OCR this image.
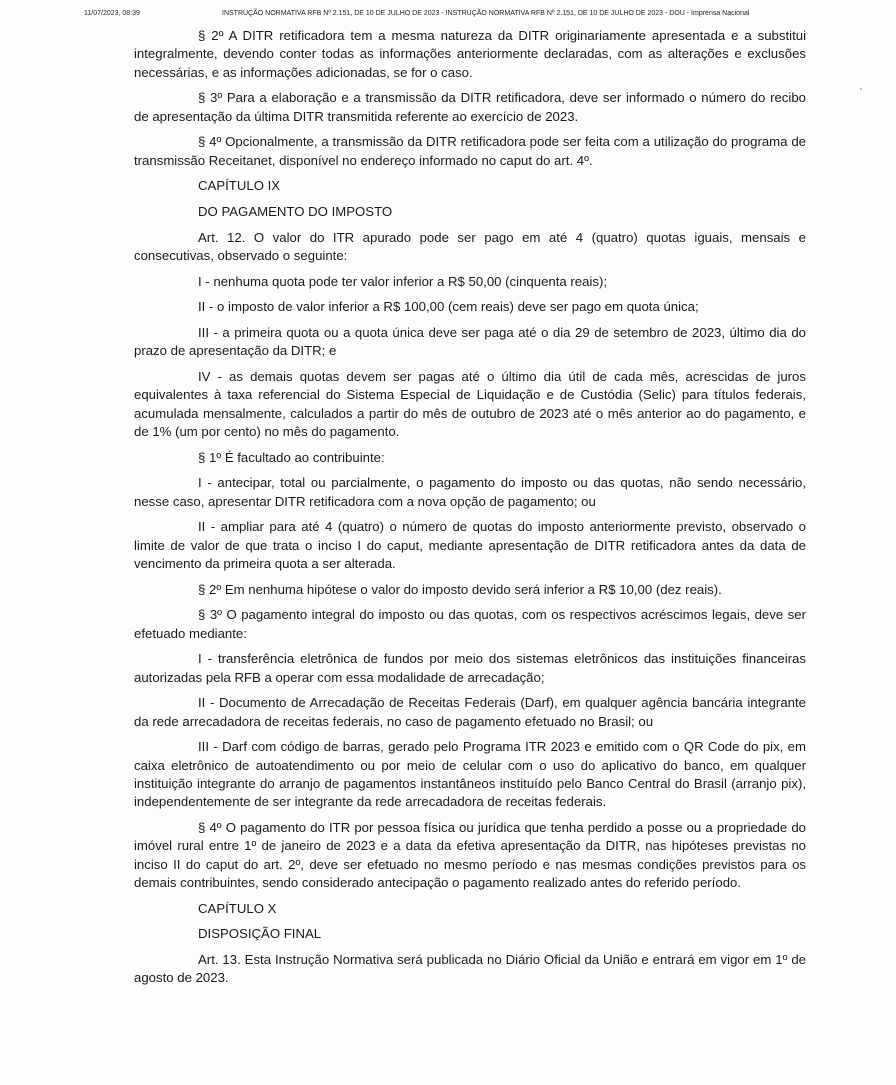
11/07/2023, 08:39	INSTRUÇÃO NORMATIVA RFB Nº 2.151, DE 10 DE JULHO DE 2023 - INSTRUÇÃO NORMATIVA RFB Nº 2.151, DE 10 DE JULHO DE 2023 - DOU - Imprensa Nacional

§ 2º A DITR retificadora tem a mesma natureza da DITR originariamente apresentada e a substitui integralmente, devendo conter todas as informações anteriormente declaradas, com as alterações e exclusões necessárias, e as informações adicionadas, se for o caso.

§ 3º Para a elaboração e a transmissão da DITR retificadora, deve ser informado o número do recibo de apresentação da última DITR transmitida referente ao exercício de 2023.

§ 4º Opcionalmente, a transmissão da DITR retificadora pode ser feita com a utilização do programa de transmissão Receitanet, disponível no endereço informado no caput do art. 4º.

CAPÍTULO IX

DO PAGAMENTO DO IMPOSTO

Art. 12. O valor do ITR apurado pode ser pago em até 4 (quatro) quotas iguais, mensais e consecutivas, observado o seguinte:

I - nenhuma quota pode ter valor inferior a R$ 50,00 (cinquenta reais);

II - o imposto de valor inferior a R$ 100,00 (cem reais) deve ser pago em quota única;

III - a primeira quota ou a quota única deve ser paga até o dia 29 de setembro de 2023, último dia do prazo de apresentação da DITR; e

IV - as demais quotas devem ser pagas até o último dia útil de cada mês, acrescidas de juros equivalentes à taxa referencial do Sistema Especial de Liquidação e de Custódia (Selic) para títulos federais, acumulada mensalmente, calculados a partir do mês de outubro de 2023 até o mês anterior ao do pagamento, e de 1% (um por cento) no mês do pagamento.

§ 1º É facultado ao contribuinte:

I - antecipar, total ou parcialmente, o pagamento do imposto ou das quotas, não sendo necessário, nesse caso, apresentar DITR retificadora com a nova opção de pagamento; ou

II - ampliar para até 4 (quatro) o número de quotas do imposto anteriormente previsto, observado o limite de valor de que trata o inciso I do caput, mediante apresentação de DITR retificadora antes da data de vencimento da primeira quota a ser alterada.

§ 2º Em nenhuma hipótese o valor do imposto devido será inferior a R$ 10,00 (dez reais).

§ 3º O pagamento integral do imposto ou das quotas, com os respectivos acréscimos legais, deve ser efetuado mediante:

I - transferência eletrônica de fundos por meio dos sistemas eletrônicos das instituições financeiras autorizadas pela RFB a operar com essa modalidade de arrecadação;

II - Documento de Arrecadação de Receitas Federais (Darf), em qualquer agência bancária integrante da rede arrecadadora de receitas federais, no caso de pagamento efetuado no Brasil; ou

III - Darf com código de barras, gerado pelo Programa ITR 2023 e emitido com o QR Code do pix, em caixa eletrônico de autoatendimento ou por meio de celular com o uso do aplicativo do banco, em qualquer instituição integrante do arranjo de pagamentos instantâneos instituído pelo Banco Central do Brasil (arranjo pix), independentemente de ser integrante da rede arrecadadora de receitas federais.

§ 4º O pagamento do ITR por pessoa física ou jurídica que tenha perdido a posse ou a propriedade do imóvel rural entre 1º de janeiro de 2023 e a data da efetiva apresentação da DITR, nas hipóteses previstas no inciso II do caput do art. 2º, deve ser efetuado no mesmo período e nas mesmas condições previstos para os demais contribuintes, sendo considerado antecipação o pagamento realizado antes do referido período.

CAPÍTULO X

DISPOSIÇÃO FINAL

Art. 13. Esta Instrução Normativa será publicada no Diário Oficial da União e entrará em vigor em 1º de agosto de 2023.
